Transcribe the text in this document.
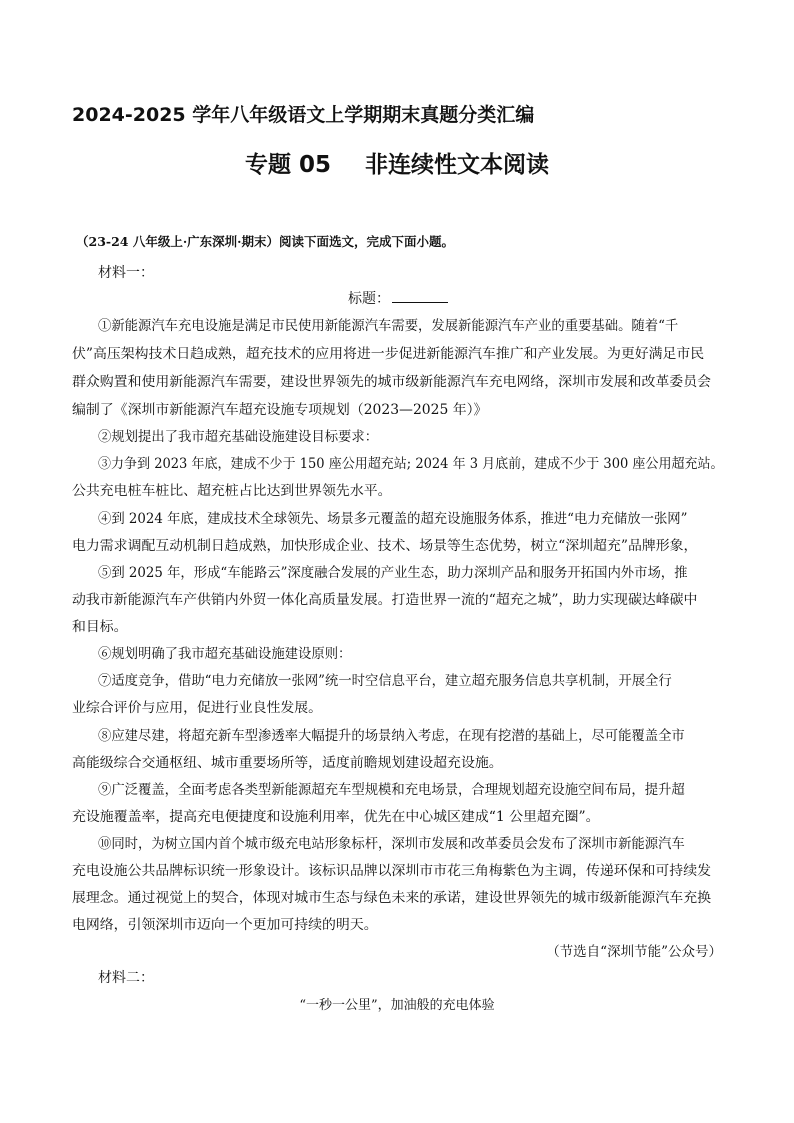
2024-2025 学年八年级语文上学期期末真题分类汇编
专题 05 非连续性文本阅读
（23-24 八年级上·广东深圳·期末）阅读下面选文，完成下面小题。
材料一：
标题：
①新能源汽车充电设施是满足市民使用新能源汽车需要，发展新能源汽车产业的重要基础。随着“千
伏”高压架构技术日趋成熟，超充技术的应用将进一步促进新能源汽车推广和产业发展。为更好满足市民
群众购置和使用新能源汽车需要，建设世界领先的城市级新能源汽车充电网络，深圳市发展和改革委员会
编制了《深圳市新能源汽车超充设施专项规划（2023—2025 年）》
②规划提出了我市超充基础设施建设目标要求：
③力争到 2023 年底，建成不少于 150 座公用超充站; 2024 年 3 月底前，建成不少于 300 座公用超充站。
公共充电桩车桩比、超充桩占比达到世界领先水平。
④到 2024 年底，建成技术全球领先、场景多元覆盖的超充设施服务体系，推进“电力充储放一张网”
电力需求调配互动机制日趋成熟，加快形成企业、技术、场景等生态优势，树立“深圳超充”品牌形象，
⑤到 2025 年，形成“车能路云”深度融合发展的产业生态，助力深圳产品和服务开拓国内外市场，推
动我市新能源汽车产供销内外贸一体化高质量发展。打造世界一流的“超充之城”，助力实现碳达峰碳中
和目标。
⑥规划明确了我市超充基础设施建设原则：
⑦适度竞争，借助“电力充储放一张网”统一时空信息平台，建立超充服务信息共享机制，开展全行
业综合评价与应用，促进行业良性发展。
⑧应建尽建，将超充新车型渗透率大幅提升的场景纳入考虑，在现有挖潜的基础上，尽可能覆盖全市
高能级综合交通枢纽、城市重要场所等，适度前瞻规划建设超充设施。
⑨广泛覆盖，全面考虑各类型新能源超充车型规模和充电场景，合理规划超充设施空间布局，提升超
充设施覆盖率，提高充电便捷度和设施利用率，优先在中心城区建成“1 公里超充圈”。
⑩同时，为树立国内首个城市级充电站形象标杆，深圳市发展和改革委员会发布了深圳市新能源汽车
充电设施公共品牌标识统一形象设计。该标识品牌以深圳市市花三角梅紫色为主调，传递环保和可持续发
展理念。通过视觉上的契合，体现对城市生态与绿色未来的承诺，建设世界领先的城市级新能源汽车充换
电网络，引领深圳市迈向一个更加可持续的明天。
（节选自“深圳节能”公众号）
材料二：
“一秒一公里”，加油般的充电体验
